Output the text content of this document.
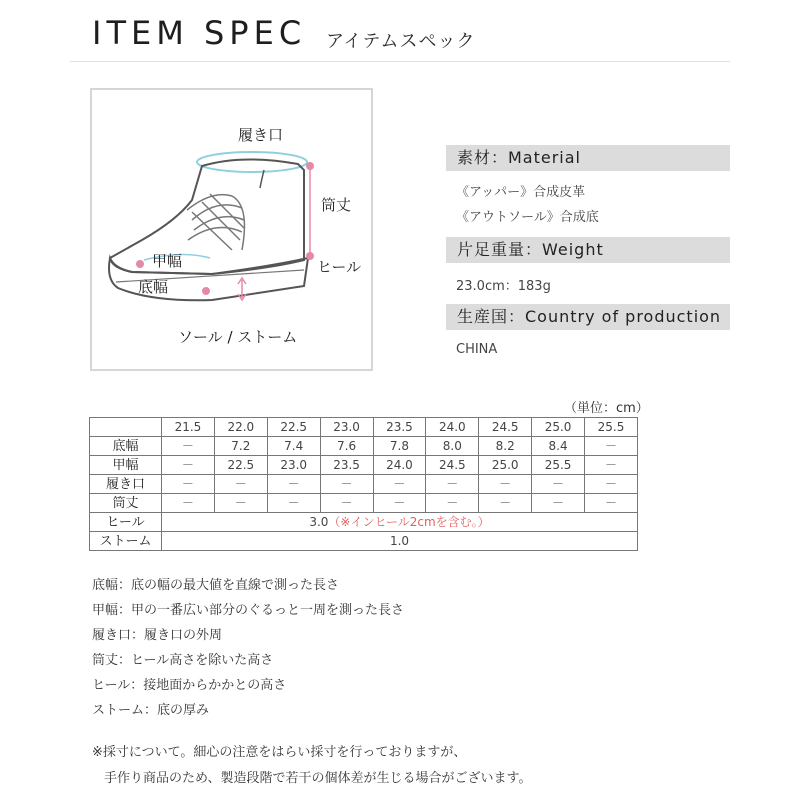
ITEM SPEC アイテムスペック
履き口
筒丈
ヒール
甲幅
底幅
ソール / ストーム
素材：Material
《アッパー》合成皮革
《アウトソール》合成底
片足重量：Weight
23.0cm：183g
生産国：Country of production
CHINA
（単位：cm）
	21.5	22.0	22.5	23.0	23.5	24.0	24.5	25.0	25.5
底幅	－	7.2	7.4	7.6	7.8	8.0	8.2	8.4	－
甲幅	－	22.5	23.0	23.5	24.0	24.5	25.0	25.5	－
履き口	－	－	－	－	－	－	－	－	－
筒丈	－	－	－	－	－	－	－	－	－
ヒール	3.0（※インヒール2cmを含む。）								
ストーム	1.0								
底幅：底の幅の最大値を直線で測った長さ
甲幅：甲の一番広い部分のぐるっと一周を測った長さ
履き口：履き口の外周
筒丈：ヒール高さを除いた高さ
ヒール：接地面からかかとの高さ
ストーム：底の厚み
※採寸について。細心の注意をはらい採寸を行っておりますが、
手作り商品のため、製造段階で若干の個体差が生じる場合がございます。
